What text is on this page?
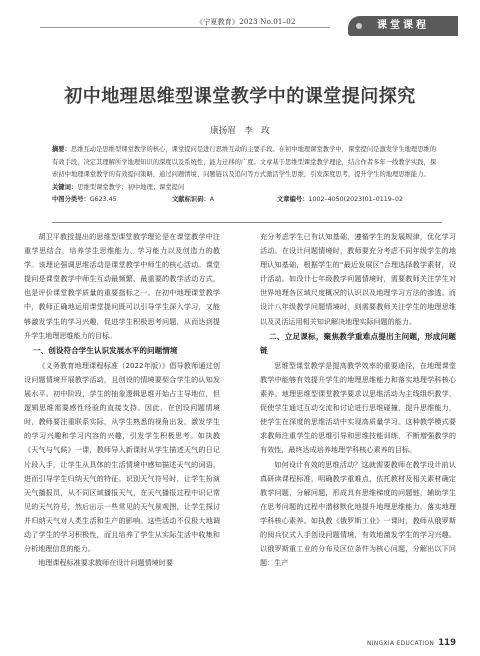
《宁夏教育》2023 No.01–02	课堂课程
初中地理思维型课堂教学中的课堂提问探究
康扬眉　李　玫
摘要：思维互动是思维型课堂教学的核心，课堂提问是进行思维互动的主要手段。在初中地理课堂教学中，课堂提问是激发学生地理思维的有效手段，决定其理解所学地理知识的深度以及系统性，能力迁移的广度。文章基于思维型课堂教学理论，结合作者多年一线教学实践，探索初中地理课堂教学的有效提问策略，通过问题情境、问题链以及追问等方式激活学生思维，引发深度思考，提升学生的地理思维能力。
关键词：思维型课堂教学；初中地理；课堂提问
中图分类号：G623.45	文献标识码：A	文章编号：1002–4050(2023)01–0119–02

胡卫平教授提出的思维型课堂教学理论是在课堂教学中注重学思结合，培养学生思维能力、学习能力以及创造力的教学。该理论强调思维活动是课堂教学中师生的核心活动。课堂提问是课堂教学中师生互动最频繁、最重要的教学活动方式，也是评价课堂教学质量的重要指标之一。在初中地理课堂教学中，教师正确地运用课堂提问既可以引导学生深入学习，又能够激发学生的学习兴趣，促进学生积极思考问题，从而达到提升学生地理思维能力的目标。

一、创设符合学生认识发展水平的问题情境

《义务教育地理课程标准（2022年版）》倡导教师通过创设问题情境开展教学活动，且创设的情境要契合学生的认知发展水平。初中阶段，学生的抽象逻辑思维开始占主导地位，但逻辑思维需要感性经验的直接支持。因此，在创设问题情境时，教师要注重联系实际，从学生熟悉的视角出发，激发学生的学习兴趣和学习内容的兴趣，引发学生积极思考。如执教《天气与气候》一课，教师导入新课时从学生描述天气的日记片段入手，让学生从具体的生活情境中感知描述天气的词语，进而引导学生归纳天气的特征。识别天气符号时，让学生扮演天气播报员，从不同区域播报天气，在天气播报过程中识记常见的天气符号，然后出示一些常见的天气景观图，让学生探讨并归纳天气对人类生活和生产的影响。这些活动不仅极大地调动了学生的学习积极性，而且培养了学生从实际生活中收集和分析地理信息的能力。

地理课程标准要求教师在设计问题情境时要

充分考虑学生已有认知基础，遵循学生的发展规律，优化学习活动。在设计问题情境时，教师要充分考虑不同年级学生的地理认知基础，根据学生的“最近发展区”合理选择教学素材，设计活动。如设计七年级教学问题情境时，需要教师关注学生对世界地理各区域尺度概况的认识以及地理学习方法的渗透。而设计八年级教学问题情境时，则需要教师关注学生的地理思维以及灵活运用相关知识解决地理实际问题的能力。

二、立足课标，聚焦教学重难点提出主问题，形成问题链

思维型课堂教学是提高教学效率的重要途径，在地理课堂教学中能够有效提升学生的地理思维能力和落实地理学科核心素养。地理思维型课堂教学要求以思维活动为主线组织教学，促使学生通过互动交流和讨论进行思维碰撞，提升思维能力，使学生在深度的思维活动中实现高质量学习。这种教学模式要求教师注重学生的思维引导和思维技能训练，不断增强教学的有效性，最终达成培养地理学科核心素养的目标。

如何设计有效的思维活动？这就需要教师在教学设计前认真研读课程标准，明确教学重难点，依托教材及相关素材确定教学问题，分解问题，形成具有思维梯度的问题链，辅助学生在思考问题的过程中潜移默化地提升地理思维能力，落实地理学科核心素养。如执教《俄罗斯工业》一课时，教师从俄罗斯的阅兵仪式入手创设问题情境，有效地激发学生的学习兴趣。以俄罗斯重工业的分布及区位条件为核心问题，分解出以下问题：生产

NINGXIA EDUCATION 119
